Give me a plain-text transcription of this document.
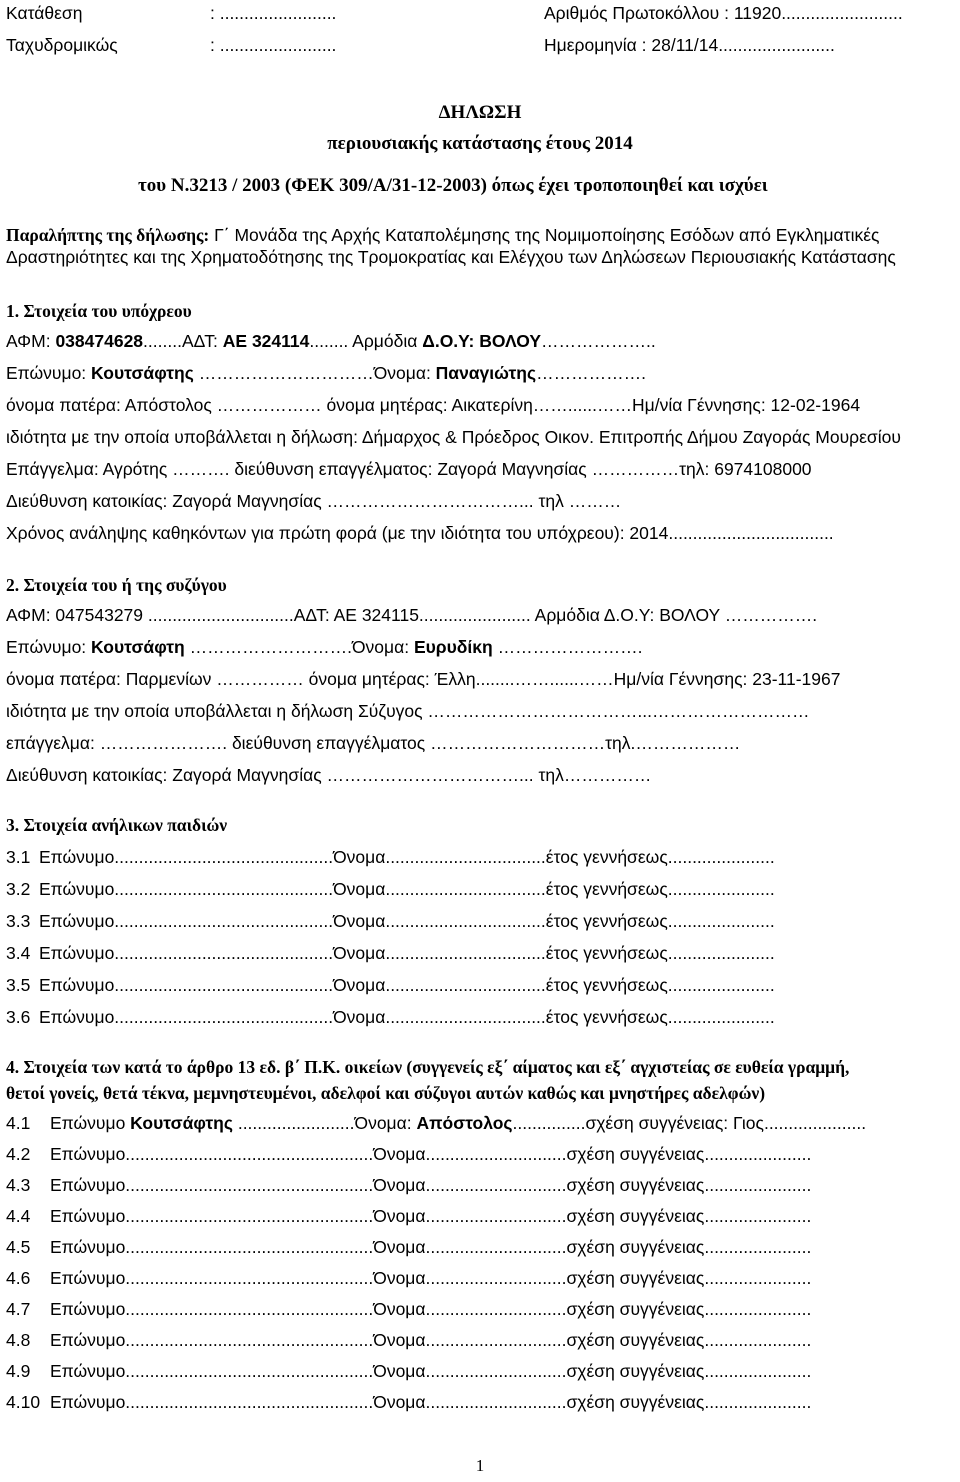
Κατάθεση	: ........................	Αριθμός Πρωτοκόλλου : 11920.........................
Ταχυδρομικώς	: ........................	Ημερομηνία : 28/11/14........................
ΔΗΛΩΣΗ
περιουσιακής κατάστασης έτους 2014
του Ν.3213 / 2003 (ΦΕΚ 309/Α/31-12-2003) όπως έχει τροποποιηθεί και ισχύει
Παραλήπτης της δήλωσης: Γ΄ Μονάδα της Αρχής Καταπολέμησης της Νομιμοποίησης Εσόδων από Εγκληματικές
Δραστηριότητες και της Χρηματοδότησης της Τρομοκρατίας και Ελέγχου των Δηλώσεων Περιουσιακής Κατάστασης
1. Στοιχεία του υπόχρεου
ΑΦΜ: 038474628........ΑΔΤ: ΑΕ 324114........ Αρμόδια Δ.Ο.Υ: ΒΟΛΟΥ………………..
Επώνυμο: Κουτσάφτης …………………………Όνομα: Παναγιώτης……………….
όνομα πατέρα: Απόστολος ……………… όνομα μητέρας: Αικατερίνη……......……Ημ/νία Γέννησης: 12-02-1964
ιδιότητα με την οποία υποβάλλεται η δήλωση: Δήμαρχος & Πρόεδρος Οικον. Επιτροπής Δήμου Ζαγοράς Μουρεσίου
Επάγγελμα: Αγρότης ………. διεύθυνση επαγγέλματος: Ζαγορά Μαγνησίας ……………τηλ: 6974108000
Διεύθυνση κατοικίας: Ζαγορά Μαγνησίας ……………………………... τηλ ………
Χρόνος ανάληψης καθηκόντων για πρώτη φορά (με την ιδιότητα του υπόχρεου): 2014..................................
2. Στοιχεία του ή της συζύγου
ΑΦΜ: 047543279 ..............................ΑΔΤ: ΑΕ 324115....................... Αρμόδια Δ.Ο.Υ: ΒΟΛΟΥ …………….
Επώνυμο: Κουτσάφτη ……………………….Όνομα: Ευρυδίκη …………………….
όνομα πατέρα: Παρμενίων …………… όνομα μητέρας: Έλλη........……......……Ημ/νία Γέννησης: 23-11-1967
ιδιότητα με την οποία υποβάλλεται η δήλωση Σύζυγος ………………………………...………………………
επάγγελμα: …………………. διεύθυνση επαγγέλματος …………………………τηλ.………………
Διεύθυνση κατοικίας: Ζαγορά Μαγνησίας ……………………………... τηλ……………
3. Στοιχεία ανήλικων παιδιών
3.1 Επώνυμο.............................................Όνομα.................................έτος γεννήσεως......................
3.2 Επώνυμο.............................................Όνομα.................................έτος γεννήσεως......................
3.3 Επώνυμο.............................................Όνομα.................................έτος γεννήσεως......................
3.4 Επώνυμο.............................................Όνομα.................................έτος γεννήσεως......................
3.5 Επώνυμο.............................................Όνομα.................................έτος γεννήσεως......................
3.6 Επώνυμο.............................................Όνομα.................................έτος γεννήσεως......................
4. Στοιχεία των κατά το άρθρο 13 εδ. β΄ Π.Κ. οικείων (συγγενείς εξ΄ αίματος και εξ΄ αγχιστείας σε ευθεία γραμμή,
θετοί γονείς, θετά τέκνα, μεμνηστευμένοι, αδελφοί και σύζυγοι αυτών καθώς και μνηστήρες αδελφών)
4.1 Επώνυμο Κουτσάφτης ........................Όνομα: Απόστολος...............σχέση συγγένειας: Γιος.....................
4.2 Επώνυμο...................................................Όνομα.............................σχέση συγγένειας......................
4.3 Επώνυμο...................................................Όνομα.............................σχέση συγγένειας......................
4.4 Επώνυμο...................................................Όνομα.............................σχέση συγγένειας......................
4.5 Επώνυμο...................................................Όνομα.............................σχέση συγγένειας......................
4.6 Επώνυμο...................................................Όνομα.............................σχέση συγγένειας......................
4.7 Επώνυμο...................................................Όνομα.............................σχέση συγγένειας......................
4.8 Επώνυμο...................................................Όνομα.............................σχέση συγγένειας......................
4.9 Επώνυμο...................................................Όνομα.............................σχέση συγγένειας......................
4.10 Επώνυμο...................................................Όνομα.............................σχέση συγγένειας......................
1
